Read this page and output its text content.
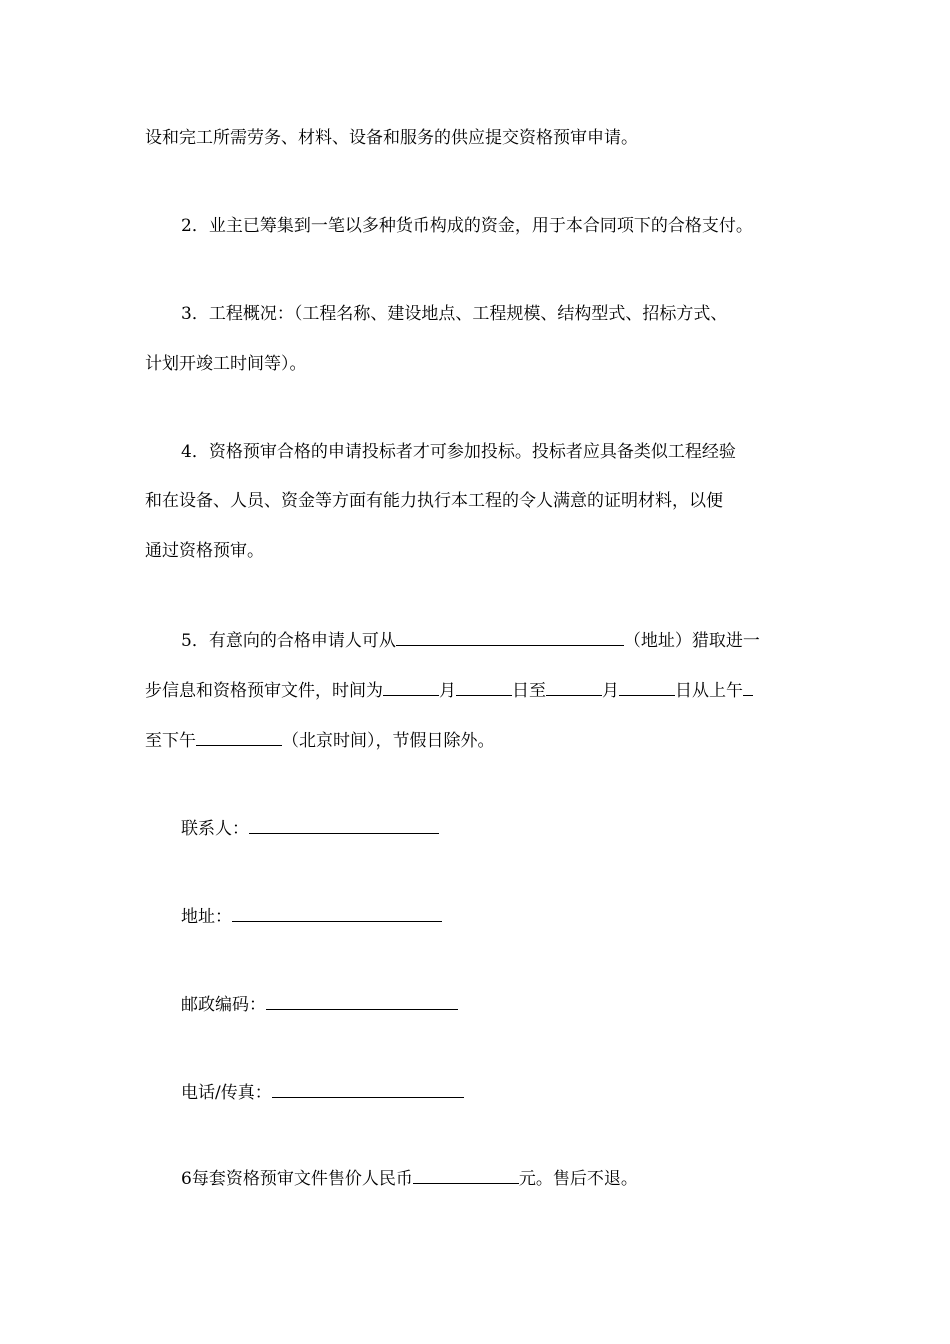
设和完工所需劳务、材料、设备和服务的供应提交资格预审申请。
2．业主已筹集到一笔以多种货币构成的资金，用于本合同项下的合格支付。
3．工程概况：（工程名称、建设地点、工程规模、结构型式、招标方式、
计划开竣工时间等）。
4．资格预审合格的申请投标者才可参加投标。投标者应具备类似工程经验
和在设备、人员、资金等方面有能力执行本工程的令人满意的证明材料，以便
通过资格预审。
5．有意向的合格申请人可从	（地址）猎取进一
步信息和资格预审文件，时间为	月	日至	月	日从上午
至下午	（北京时间），节假日除外。
联系人：
地址：
邮政编码：
电话/传真：
6每套资格预审文件售价人民币	元。售后不退。
